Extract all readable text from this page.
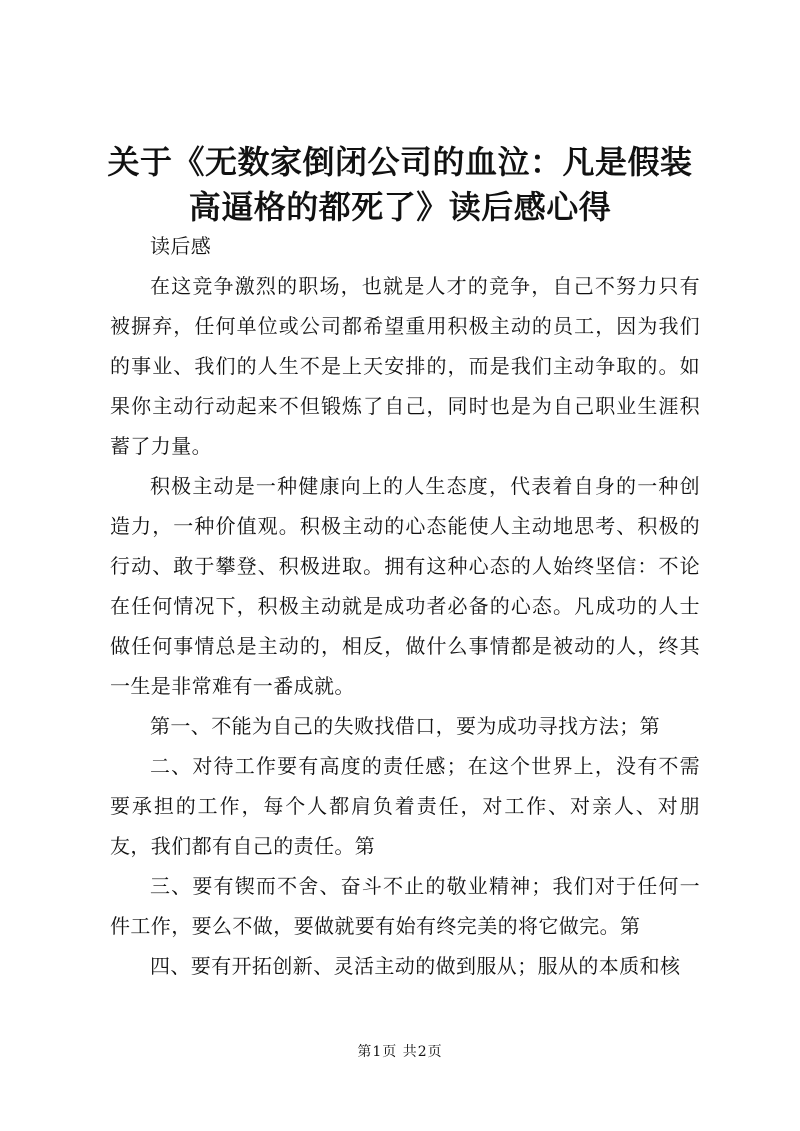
关于《无数家倒闭公司的血泣：凡是假装高逼格的都死了》读后感心得

读后感

在这竞争激烈的职场，也就是人才的竞争，自己不努力只有被摒弃，任何单位或公司都希望重用积极主动的员工，因为我们的事业、我们的人生不是上天安排的，而是我们主动争取的。如果你主动行动起来不但锻炼了自己，同时也是为自己职业生涯积蓄了力量。

积极主动是一种健康向上的人生态度，代表着自身的一种创造力，一种价值观。积极主动的心态能使人主动地思考、积极的行动、敢于攀登、积极进取。拥有这种心态的人始终坚信：不论在任何情况下，积极主动就是成功者必备的心态。凡成功的人士做任何事情总是主动的，相反，做什么事情都是被动的人，终其一生是非常难有一番成就。

第一、不能为自己的失败找借口，要为成功寻找方法；第

二、对待工作要有高度的责任感；在这个世界上，没有不需要承担的工作，每个人都肩负着责任，对工作、对亲人、对朋友，我们都有自己的责任。第

三、要有锲而不舍、奋斗不止的敬业精神；我们对于任何一件工作，要么不做，要做就要有始有终完美的将它做完。第

四、要有开拓创新、灵活主动的做到服从；服从的本质和核

第1页 共2页
